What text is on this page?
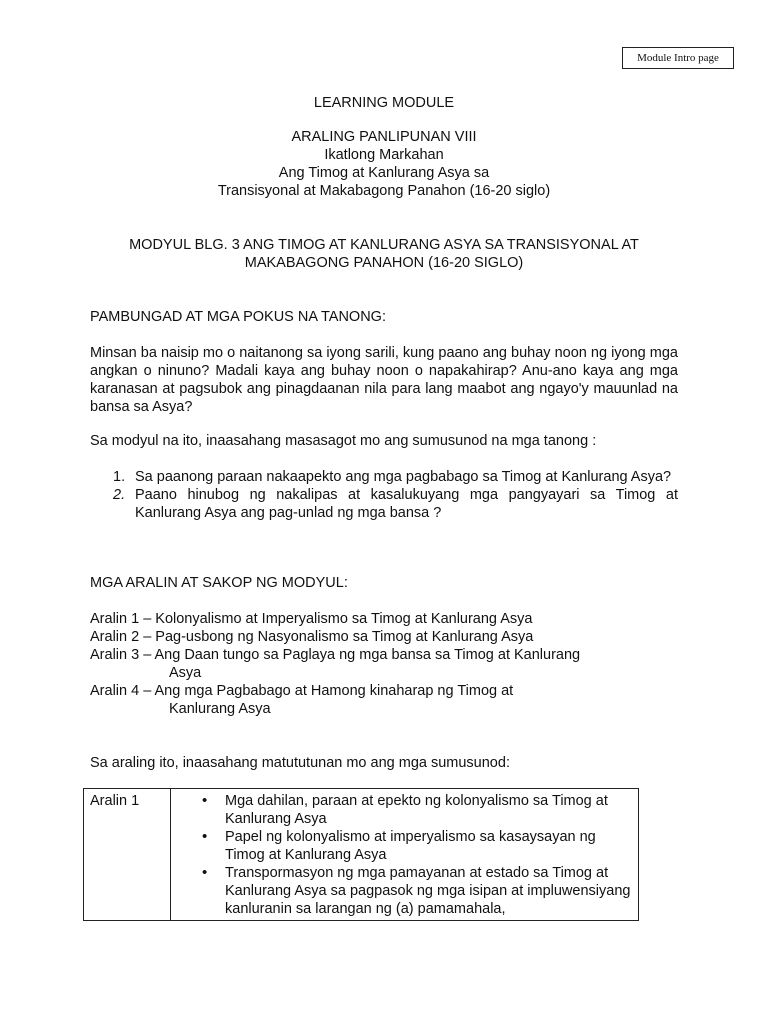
Module Intro page
LEARNING MODULE
ARALING PANLIPUNAN VIII
Ikatlong Markahan
Ang Timog at Kanlurang Asya sa
Transisyonal at Makabagong Panahon (16-20 siglo)
MODYUL BLG. 3 ANG TIMOG AT KANLURANG ASYA SA TRANSISYONAL AT
MAKABAGONG PANAHON (16-20 SIGLO)
PAMBUNGAD AT MGA POKUS NA TANONG:

Minsan ba naisip mo o naitanong sa iyong sarili, kung paano ang buhay noon ng iyong mga angkan o ninuno? Madali kaya ang buhay noon o napakahirap? Anu-ano kaya ang mga karanasan at pagsubok ang pinagdaanan nila para lang maabot ang ngayo'y mauunlad na bansa sa Asya?

Sa modyul na ito, inaasahang masasagot mo ang sumusunod na mga tanong :
1. Sa paanong paraan nakaapekto ang mga pagbabago sa Timog at Kanlurang Asya?
2. Paano hinubog ng nakalipas at kasalukuyang mga pangyayari sa Timog at Kanlurang Asya ang pag-unlad ng mga bansa ?
MGA ARALIN AT SAKOP NG MODYUL:
Aralin 1 – Kolonyalismo at Imperyalismo sa Timog at Kanlurang Asya
Aralin 2 – Pag-usbong ng Nasyonalismo sa Timog at Kanlurang Asya
Aralin 3 – Ang Daan tungo sa Paglaya ng mga bansa sa Timog at Kanlurang
Asya
Aralin 4 – Ang mga Pagbabago at Hamong kinaharap ng Timog at
Kanlurang Asya
Sa araling ito, inaasahang matututunan mo ang mga sumusunod:
Aralin 1	
•Mga dahilan, paraan at epekto ng kolonyalismo sa Timog at Kanlurang Asya
• Papel ng kolonyalismo at imperyalismo sa kasaysayan ng Timog at Kanlurang Asya
• Transpormasyon ng mga pamayanan at estado sa Timog at Kanlurang Asya sa pagpasok ng mga isipan at impluwensiyang kanluranin sa larangan ng (a) pamamahala,
